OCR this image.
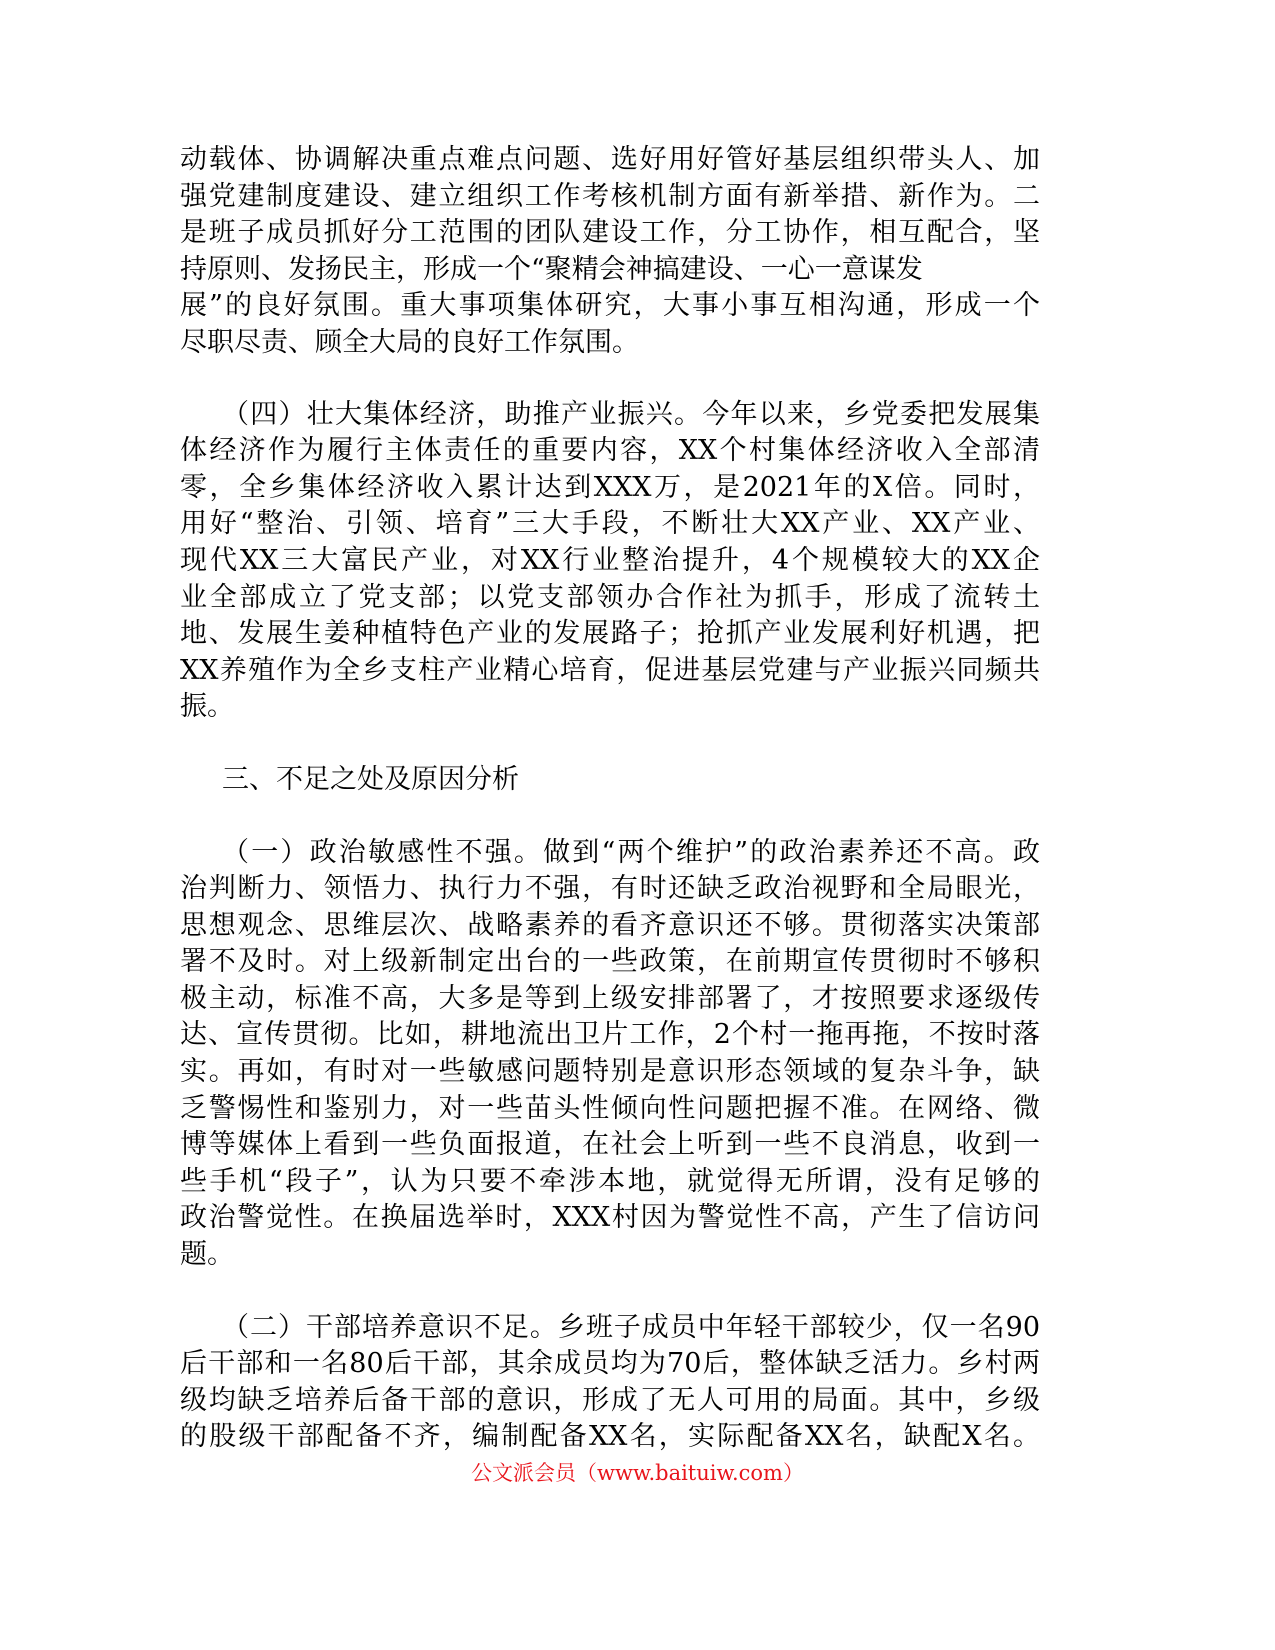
动载体、协调解决重点难点问题、选好用好管好基层组织带头人、加
强党建制度建设、建立组织工作考核机制方面有新举措、新作为。二
是班子成员抓好分工范围的团队建设工作，分工协作，相互配合，坚
持原则、发扬民主，形成一个“聚精会神搞建设、一心一意谋发
展”的良好氛围。重大事项集体研究，大事小事互相沟通，形成一个
尽职尽责、顾全大局的良好工作氛围。
（四）壮大集体经济，助推产业振兴。今年以来，乡党委把发展集
体经济作为履行主体责任的重要内容，XX个村集体经济收入全部清
零，全乡集体经济收入累计达到XXX万，是2021年的X倍。同时，
用好“整治、引领、培育”三大手段，不断壮大XX产业、XX产业、
现代XX三大富民产业，对XX行业整治提升，4个规模较大的XX企
业全部成立了党支部；以党支部领办合作社为抓手，形成了流转土
地、发展生姜种植特色产业的发展路子；抢抓产业发展利好机遇，把
XX养殖作为全乡支柱产业精心培育，促进基层党建与产业振兴同频共
振。
三、不足之处及原因分析
（一）政治敏感性不强。做到“两个维护”的政治素养还不高。政
治判断力、领悟力、执行力不强，有时还缺乏政治视野和全局眼光，
思想观念、思维层次、战略素养的看齐意识还不够。贯彻落实决策部
署不及时。对上级新制定出台的一些政策，在前期宣传贯彻时不够积
极主动，标准不高，大多是等到上级安排部署了，才按照要求逐级传
达、宣传贯彻。比如，耕地流出卫片工作，2个村一拖再拖，不按时落
实。再如，有时对一些敏感问题特别是意识形态领域的复杂斗争，缺
乏警惕性和鉴别力，对一些苗头性倾向性问题把握不准。在网络、微
博等媒体上看到一些负面报道，在社会上听到一些不良消息，收到一
些手机“段子”，认为只要不牵涉本地，就觉得无所谓，没有足够的
政治警觉性。在换届选举时，XXX村因为警觉性不高，产生了信访问
题。
（二）干部培养意识不足。乡班子成员中年轻干部较少，仅一名90
后干部和一名80后干部，其余成员均为70后，整体缺乏活力。乡村两
级均缺乏培养后备干部的意识，形成了无人可用的局面。其中，乡级
的股级干部配备不齐，编制配备XX名，实际配备XX名，缺配X名。
公文派会员（www.baituiw.com）
